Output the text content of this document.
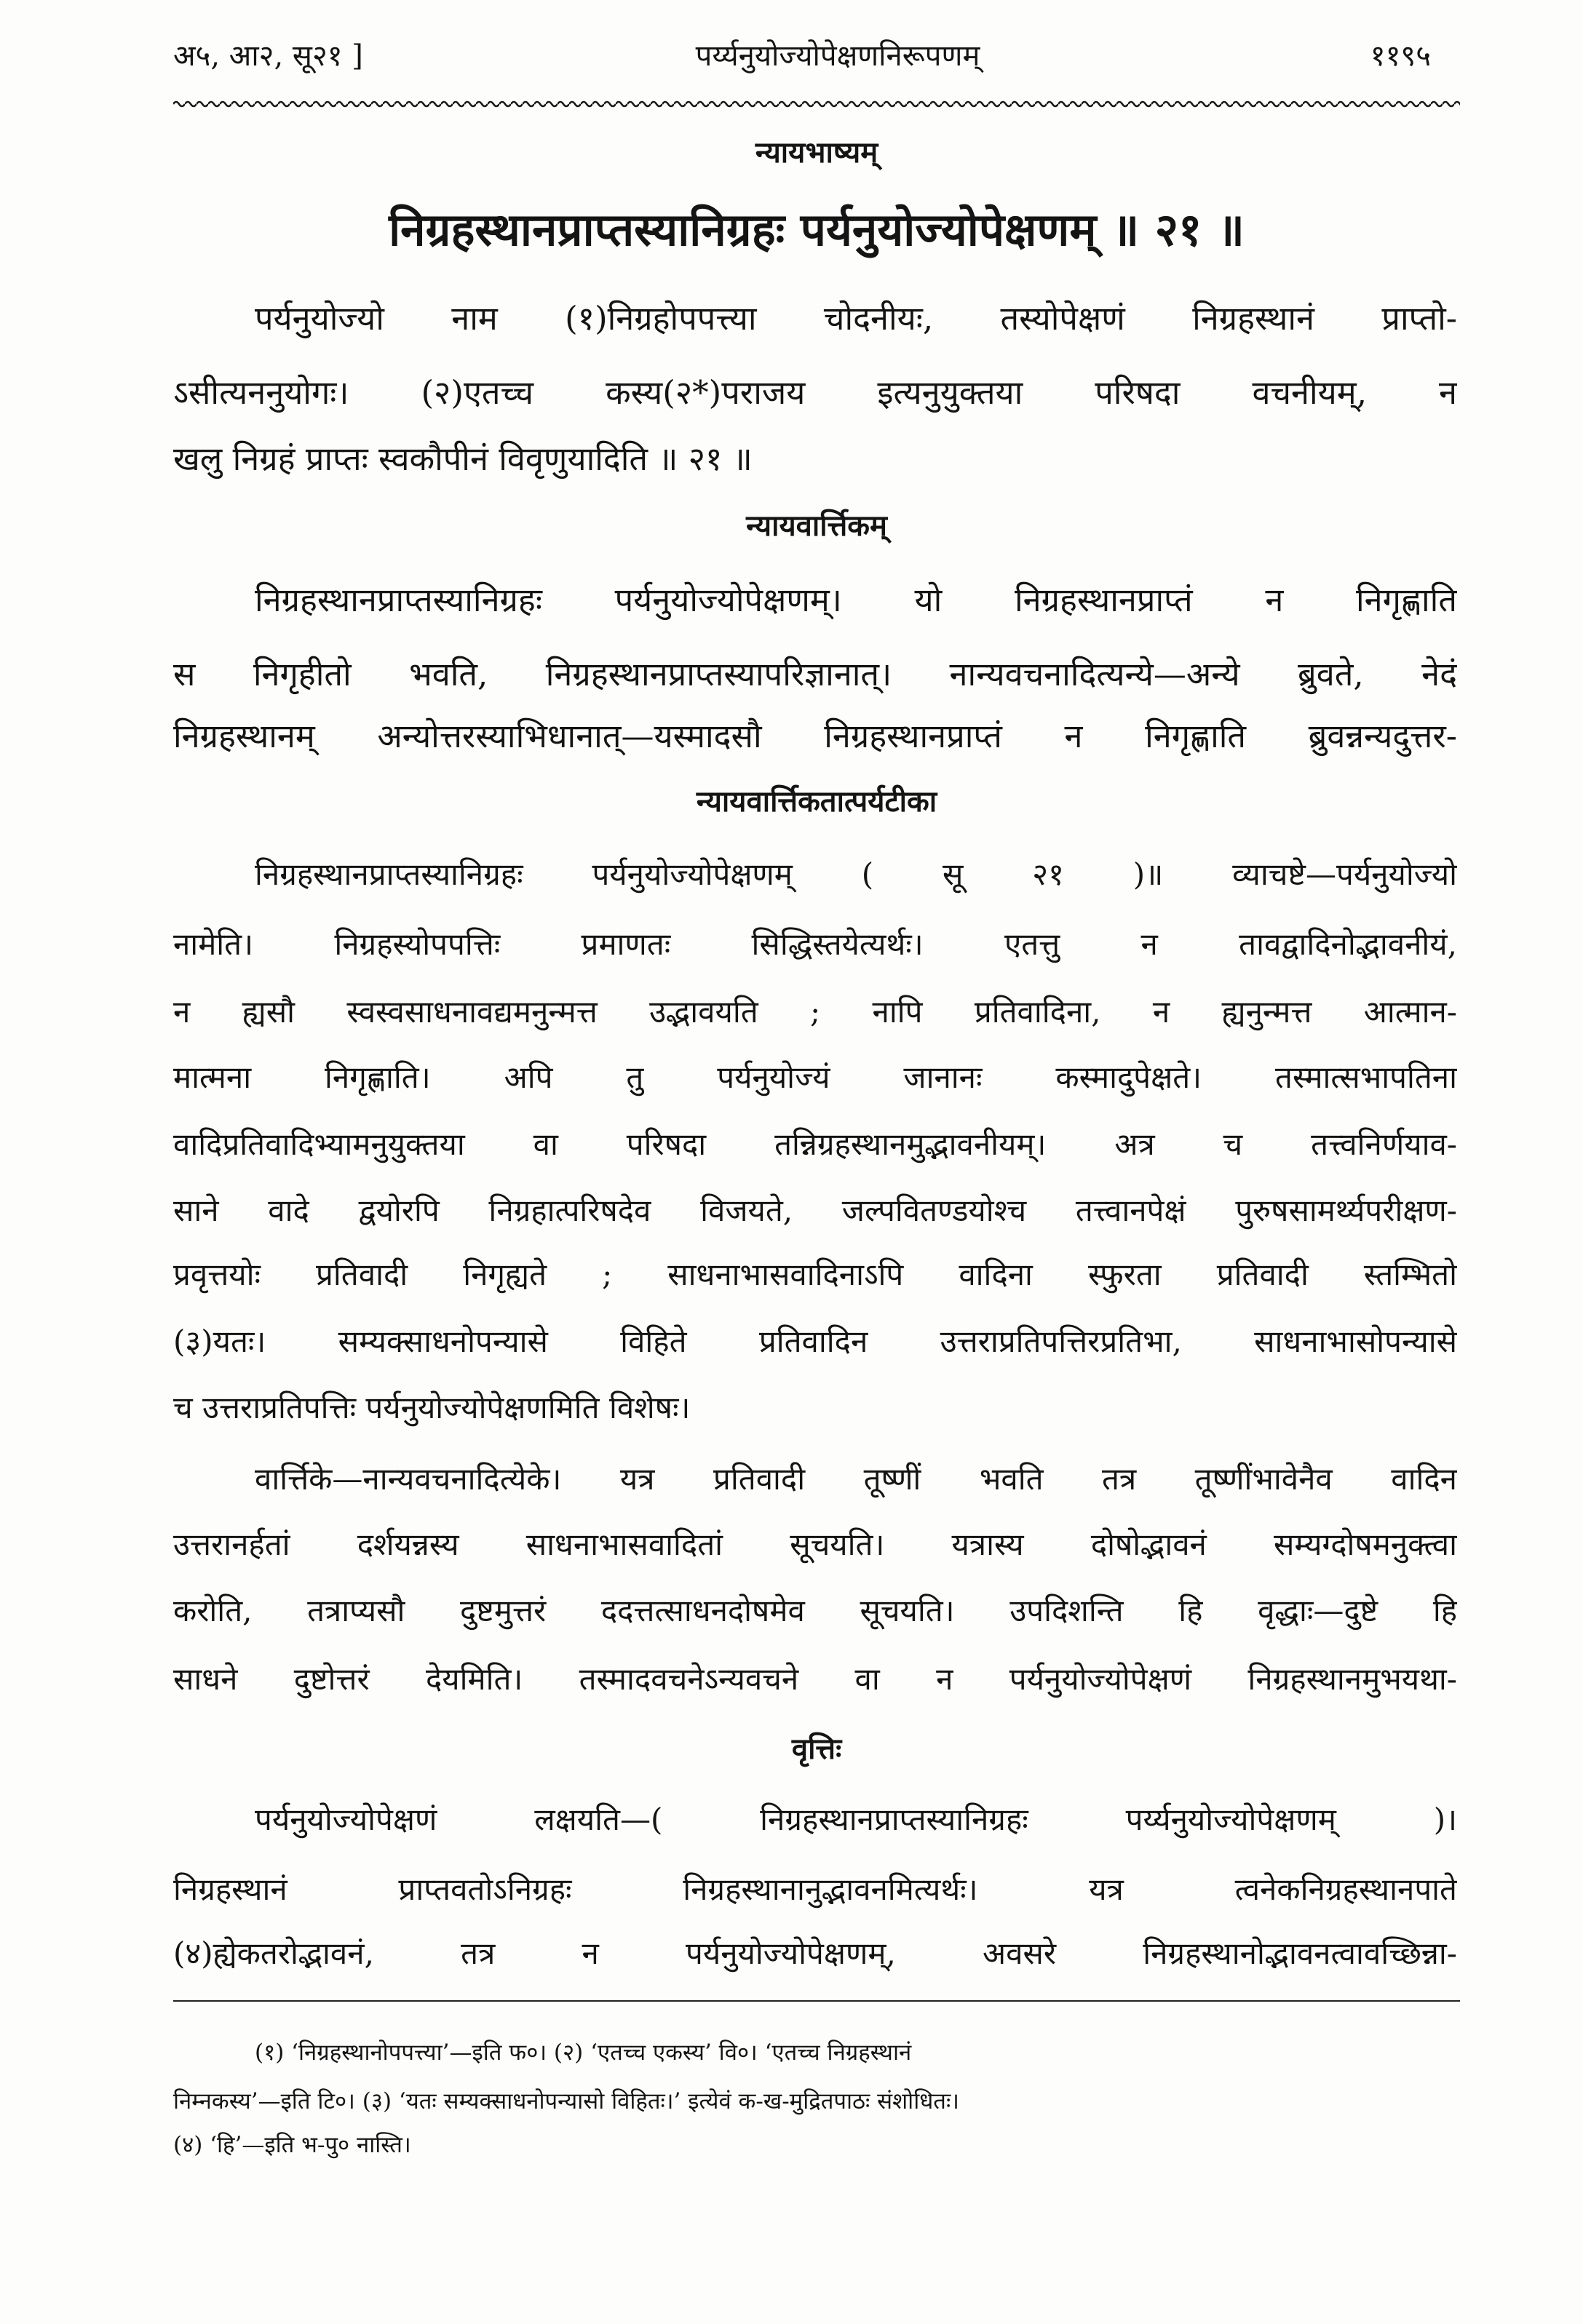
अ५, आ२, सू२१ ]	पर्य्यनुयोज्योपेक्षणनिरूपणम्	११९५
न्यायभाष्यम्
निग्रहस्थानप्राप्तस्यानिग्रहः पर्यनुयोज्योपेक्षणम् ॥ २१ ॥
पर्यनुयोज्यो नाम (१)निग्रहोपपत्त्या चोदनीयः, तस्योपेक्षणं निग्रहस्थानं प्राप्तो-
ऽसीत्यननुयोगः। (२)एतच्च कस्य(२*)पराजय इत्यनुयुक्तया परिषदा वचनीयम्, न
खलु निग्रहं प्राप्तः स्वकौपीनं विवृणुयादिति ॥ २१ ॥
न्यायवार्त्तिकम्
निग्रहस्थानप्राप्तस्यानिग्रहः पर्यनुयोज्योपेक्षणम्। यो निग्रहस्थानप्राप्तं न निगृह्णाति
स निगृहीतो भवति, निग्रहस्थानप्राप्तस्यापरिज्ञानात्। नान्यवचनादित्यन्ये—अन्ये ब्रुवते, नेदं
निग्रहस्थानम् अन्योत्तरस्याभिधानात्—यस्मादसौ निग्रहस्थानप्राप्तं न निगृह्णाति ब्रुवन्नन्यदुत्तर-
न्यायवार्त्तिकतात्पर्यटीका
निग्रहस्थानप्राप्तस्यानिग्रहः पर्यनुयोज्योपेक्षणम् ( सू २१ )॥ व्याचष्टे—पर्यनुयोज्यो
नामेति। निग्रहस्योपपत्तिः प्रमाणतः सिद्धिस्तयेत्यर्थः। एतत्तु न तावद्वादिनोद्भावनीयं,
न ह्यसौ स्वस्वसाधनावद्यमनुन्मत्त उद्भावयति ; नापि प्रतिवादिना, न ह्यनुन्मत्त आत्मान-
मात्मना निगृह्णाति। अपि तु पर्यनुयोज्यं जानानः कस्मादुपेक्षते। तस्मात्सभापतिना
वादिप्रतिवादिभ्यामनुयुक्तया वा परिषदा तन्निग्रहस्थानमुद्भावनीयम्। अत्र च तत्त्वनिर्णयाव-
साने वादे द्वयोरपि निग्रहात्परिषदेव विजयते, जल्पवितण्डयोश्च तत्त्वानपेक्षं पुरुषसामर्थ्यपरीक्षण-
प्रवृत्तयोः प्रतिवादी निगृह्यते ; साधनाभासवादिनाऽपि वादिना स्फुरता प्रतिवादी स्तम्भितो
(३)यतः। सम्यक्साधनोपन्यासे विहिते प्रतिवादिन उत्तराप्रतिपत्तिरप्रतिभा, साधनाभासोपन्यासे
च उत्तराप्रतिपत्तिः पर्यनुयोज्योपेक्षणमिति विशेषः।
वार्त्तिके—नान्यवचनादित्येके। यत्र प्रतिवादी तूष्णीं भवति तत्र तूष्णींभावेनैव वादिन
उत्तरानर्हतां दर्शयन्नस्य साधनाभासवादितां सूचयति। यत्रास्य दोषोद्भावनं सम्यग्दोषमनुक्त्वा
करोति, तत्राप्यसौ दुष्टमुत्तरं ददत्तत्साधनदोषमेव सूचयति। उपदिशन्ति हि वृद्धाः—दुष्टे हि
साधने दुष्टोत्तरं देयमिति। तस्मादवचनेऽन्यवचने वा न पर्यनुयोज्योपेक्षणं निग्रहस्थानमुभयथा-
वृत्तिः
पर्यनुयोज्योपेक्षणं लक्षयति—( निग्रहस्थानप्राप्तस्यानिग्रहः पर्य्यनुयोज्योपेक्षणम् )।
निग्रहस्थानं प्राप्तवतोऽनिग्रहः निग्रहस्थानानुद्भावनमित्यर्थः। यत्र त्वनेकनिग्रहस्थानपाते
(४)ह्येकतरोद्भावनं, तत्र न पर्यनुयोज्योपेक्षणम्, अवसरे निग्रहस्थानोद्भावनत्वावच्छिन्ना-
(१) ‘निग्रहस्थानोपपत्त्या’—इति फ०। (२) ‘एतच्च एकस्य’ वि०। ‘एतच्च निग्रहस्थानं
निम्नकस्य’—इति टि०। (३) ‘यतः सम्यक्साधनोपन्यासो विहितः।’ इत्येवं क-ख-मुद्रितपाठः संशोधितः।
(४) ‘हि’—इति भ-पु० नास्ति।
